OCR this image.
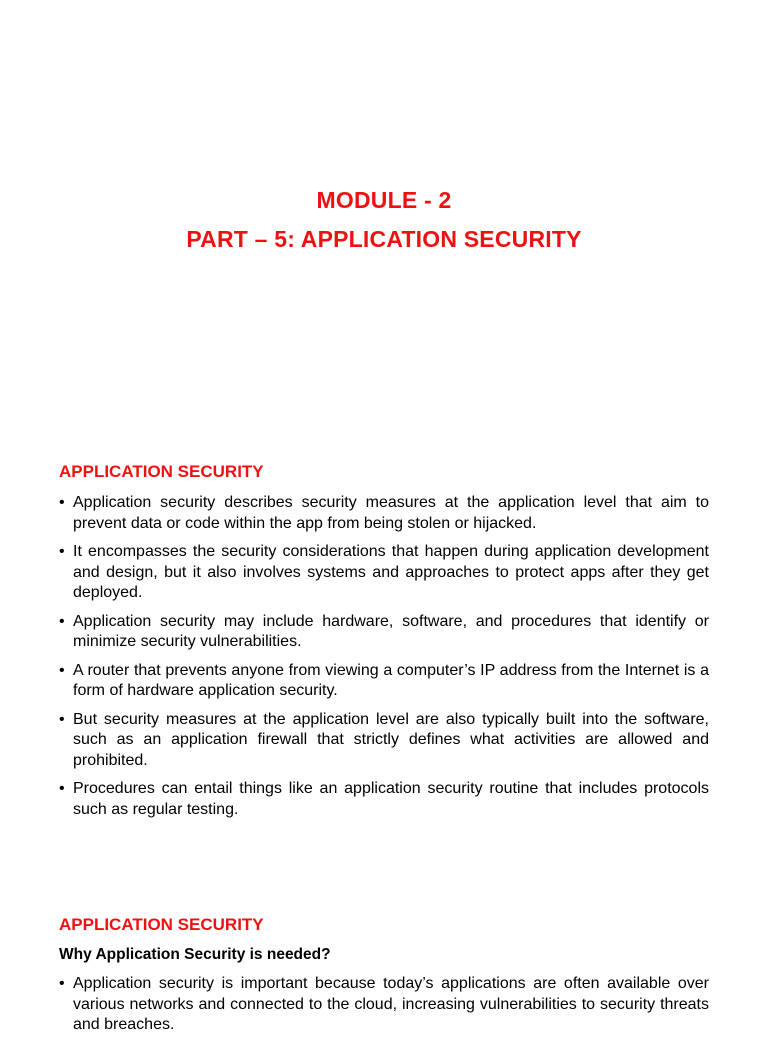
MODULE - 2
PART – 5: APPLICATION SECURITY
APPLICATION SECURITY
• Application security describes security measures at the application level that aim to prevent data or code within the app from being stolen or hijacked.
• It encompasses the security considerations that happen during application development and design, but it also involves systems and approaches to protect apps after they get deployed.
• Application security may include hardware, software, and procedures that identify or minimize security vulnerabilities.
• A router that prevents anyone from viewing a computer’s IP address from the Internet is a form of hardware application security.
• But security measures at the application level are also typically built into the software, such as an application firewall that strictly defines what activities are allowed and prohibited.
• Procedures can entail things like an application security routine that includes protocols such as regular testing.
APPLICATION SECURITY
Why Application Security is needed?
• Application security is important because today’s applications are often available over various networks and connected to the cloud, increasing vulnerabilities to security threats and breaches.
